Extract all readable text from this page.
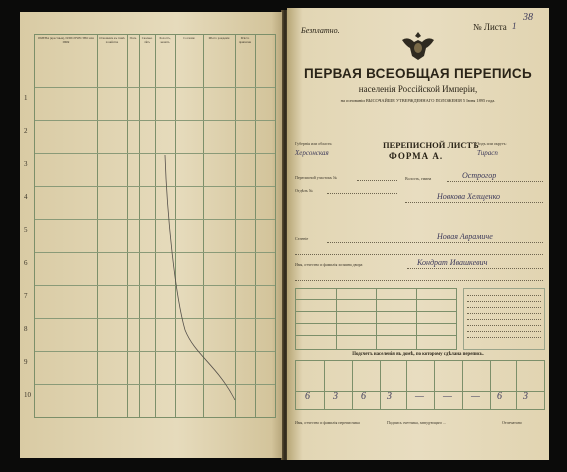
ИМЕНА (крестныя), ИЛИ ОТЧЕСТВО или ИМЯ
Отношеніе къ главѣ хозяйства
Полъ	Сколько лѣтъ
Холостъ, женатъ
Сословіе	Мѣсто рожденія	Мѣсто приписки
1
2
3
4
5
6
7
8
9
10
Безплатно.	№ Листа 1
38
ПЕРВАЯ ВСЕОБЩАЯ ПЕРЕПИСЬ
населенія Россійской Имперіи,
на основаніи ВЫСОЧАЙШЕ УТВЕРЖДЕННАГО ПОЛОЖЕНІЯ 5 Іюня 1895 года.
Губернія или область:
Херсонская
ПЕРЕПИСНОЙ ЛИСТЪ
ФОРМА А.
Уѣздъ или округъ:
Тирасп
Переписной участокъ №
Отдѣлъ №
Волость, гмина	Острогор
Новкова Хелщенко
Селеніе	Новая Аврамиче
Имя, отчество и фамилія хозяина двора	Кондрат Ивашкевич
Подсчетъ населенія въ домѣ, по которому сдѣлана перепись.
6 3 6 3 — — — 6 3
Имя, отчество и фамилія переписчика	Подпись счетчика, заведующаго ...	Отпечатано
